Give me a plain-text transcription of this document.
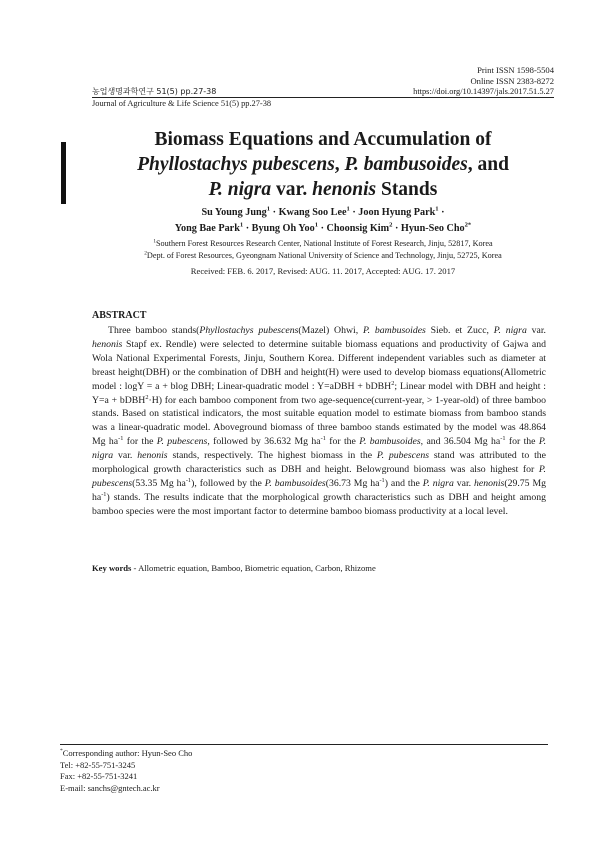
Print ISSN 1598-5504
Online ISSN 2383-8272
농업생명과학연구 51(5) pp.27-38	https://doi.org/10.14397/jals.2017.51.5.27
Journal of Agriculture & Life Science 51(5) pp.27-38
Biomass Equations and Accumulation of
Phyllostachys pubescens, P. bambusoides, and
P. nigra var. henonis Stands
Su Young Jung$^1$ · Kwang Soo Lee$^1$ · Joon Hyung Park$^1$ ·
Yong Bae Park$^1$ · Byung Oh Yoo$^1$ · Choonsig Kim$^2$ · Hyun-Seo Cho$^{2*}$
$^1$Southern Forest Resources Research Center, National Institute of Forest Research, Jinju, 52817, Korea
$^2$Dept. of Forest Resources, Gyeongnam National University of Science and Technology, Jinju, 52725, Korea
Received: FEB. 6. 2017, Revised: AUG. 11. 2017, Accepted: AUG. 17. 2017
ABSTRACT

Three bamboo stands(Phyllostachys pubescens(Mazel) Ohwi, P. bambusoides Sieb. et Zucc, P. nigra var. henonis Stapf ex. Rendle) were selected to determine suitable biomass equations and productivity of Gajwa and Wola National Experimental Forests, Jinju, Southern Korea. Different independent variables such as diameter at breast height(DBH) or the combination of DBH and height(H) were used to develop biomass equations(Allometric model : logY = a + blog DBH; Linear-quadratic model : Y=aDBH + bDBH$^2$; Linear model with DBH and height : Y=a + bDBH$^2$·H) for each bamboo component from two age-sequence(current-year, > 1-year-old) of three bamboo stands. Based on statistical indicators, the most suitable equation model to estimate biomass from bamboo stands was a linear-quadratic model. Aboveground biomass of three bamboo stands estimated by the model was 48.864 Mg $ha^{-1}$ for the P. pubescens, followed by 36.632 Mg $ha^{-1}$ for the P. bambusoides, and 36.504 Mg $ha^{-1}$ for the P. nigra var. henonis stands, respectively. The highest biomass in the P. pubescens stand was attributed to the morphological growth characteristics such as DBH and height. Belowground biomass was also highest for P. pubescens(53.35 Mg $ha^{-1}$), followed by the P. bambusoides(36.73 Mg $ha^{-1}$) and the P. nigra var. henonis(29.75 Mg $ha^{-1}$) stands. The results indicate that the morphological growth characteristics such as DBH and height among bamboo species were the most important factor to determine bamboo biomass productivity at a local level.

Key words - Allometric equation, Bamboo, Biometric equation, Carbon, Rhizome
*Corresponding author: Hyun-Seo Cho
Tel: +82-55-751-3245
Fax: +82-55-751-3241
E-mail: sanchs@gntech.ac.kr
